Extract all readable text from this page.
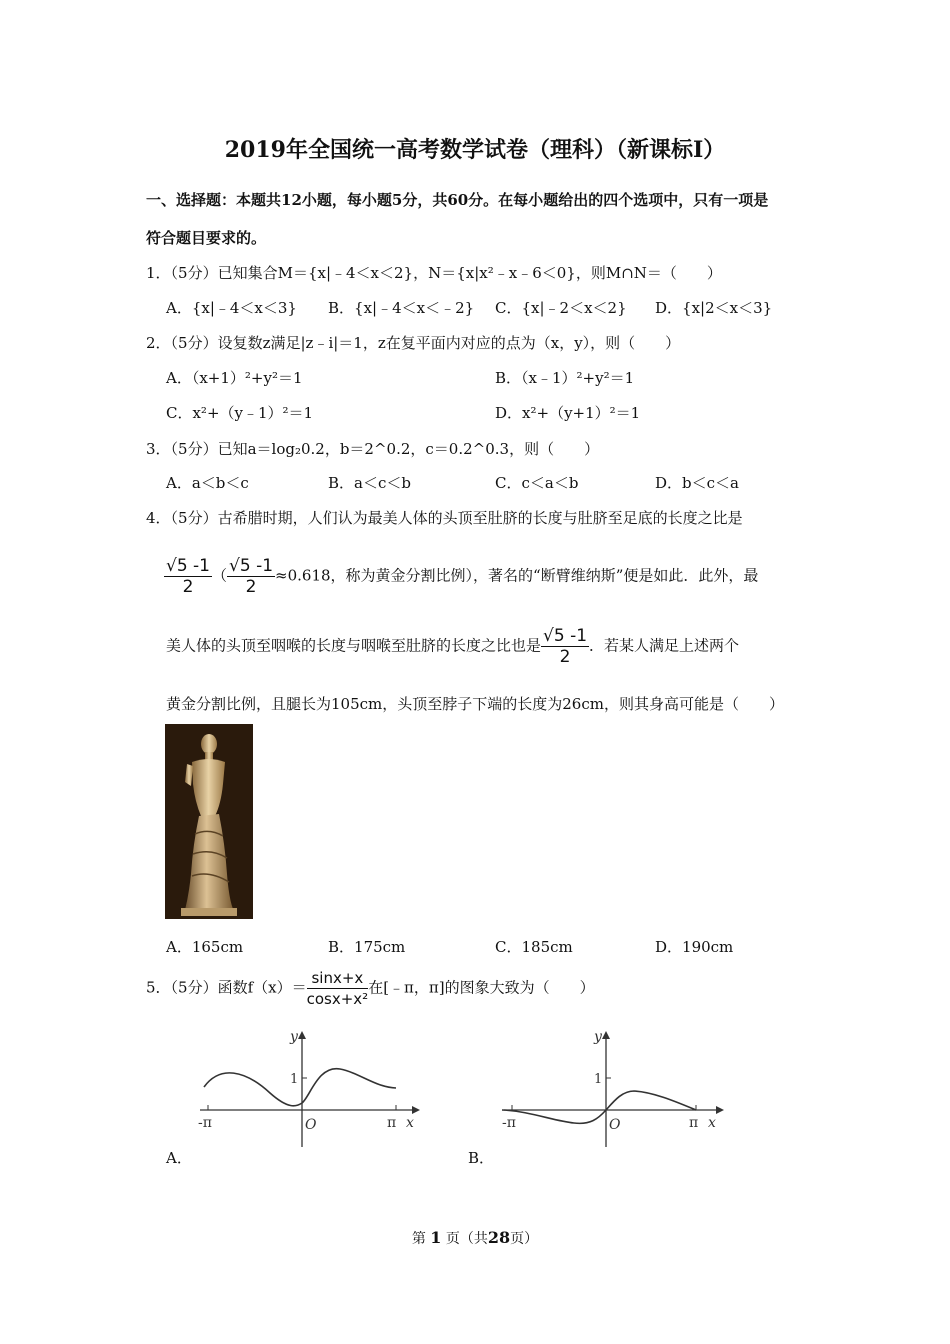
2019年全国统一高考数学试卷（理科）（新课标Ⅰ）
一、选择题：本题共12小题，每小题5分，共60分。在每小题给出的四个选项中，只有一项是
符合题目要求的。
1．（5分）已知集合M＝{x|﹣4＜x＜2}，N＝{x|x²﹣x﹣6＜0}，则M∩N＝（　　）
A．{x|﹣4＜x＜3} B．{x|﹣4＜x＜﹣2} C．{x|﹣2＜x＜2} D．{x|2＜x＜3}
2．（5分）设复数z满足|z﹣i|＝1，z在复平面内对应的点为（x，y），则（　　）
A．（x+1）²+y²＝1	B．（x﹣1）²+y²＝1
C．x²+（y﹣1）²＝1	D．x²+（y+1）²＝1
3．（5分）已知a＝log₂0.2，b＝2^0.2，c＝0.2^0.3，则（　　）
A．a＜b＜c	B．a＜c＜b	C．c＜a＜b	D．b＜c＜a
4．（5分）古希腊时期，人们认为最美人体的头顶至肚脐的长度与肚脐至足底的长度之比是
$\frac{√5 -1}{2}$ （ $\frac{√5 -1}{2} \approx 0.618$，称为黄金分割比例），著名的“断臂维纳斯”便是如此．此外，最
美人体的头顶至咽喉的长度与咽喉至肚脐的长度之比也是 $\frac{√5 -1}{2}$ ．若某人满足上述两个
黄金分割比例，且腿长为105cm，头顶至脖子下端的长度为26cm，则其身高可能是（　　）
A．165cm	B．175cm	C．185cm	D．190cm
5．（5分）函数$f(x)= \frac{\sin x+x}{\text{cosx+x²}}$ 在[﹣π，π]的图象大致为（　　）
y
1
-π	π x
O
y
1
-π	π x
O
A．	B．
第 1 页（共28页）
